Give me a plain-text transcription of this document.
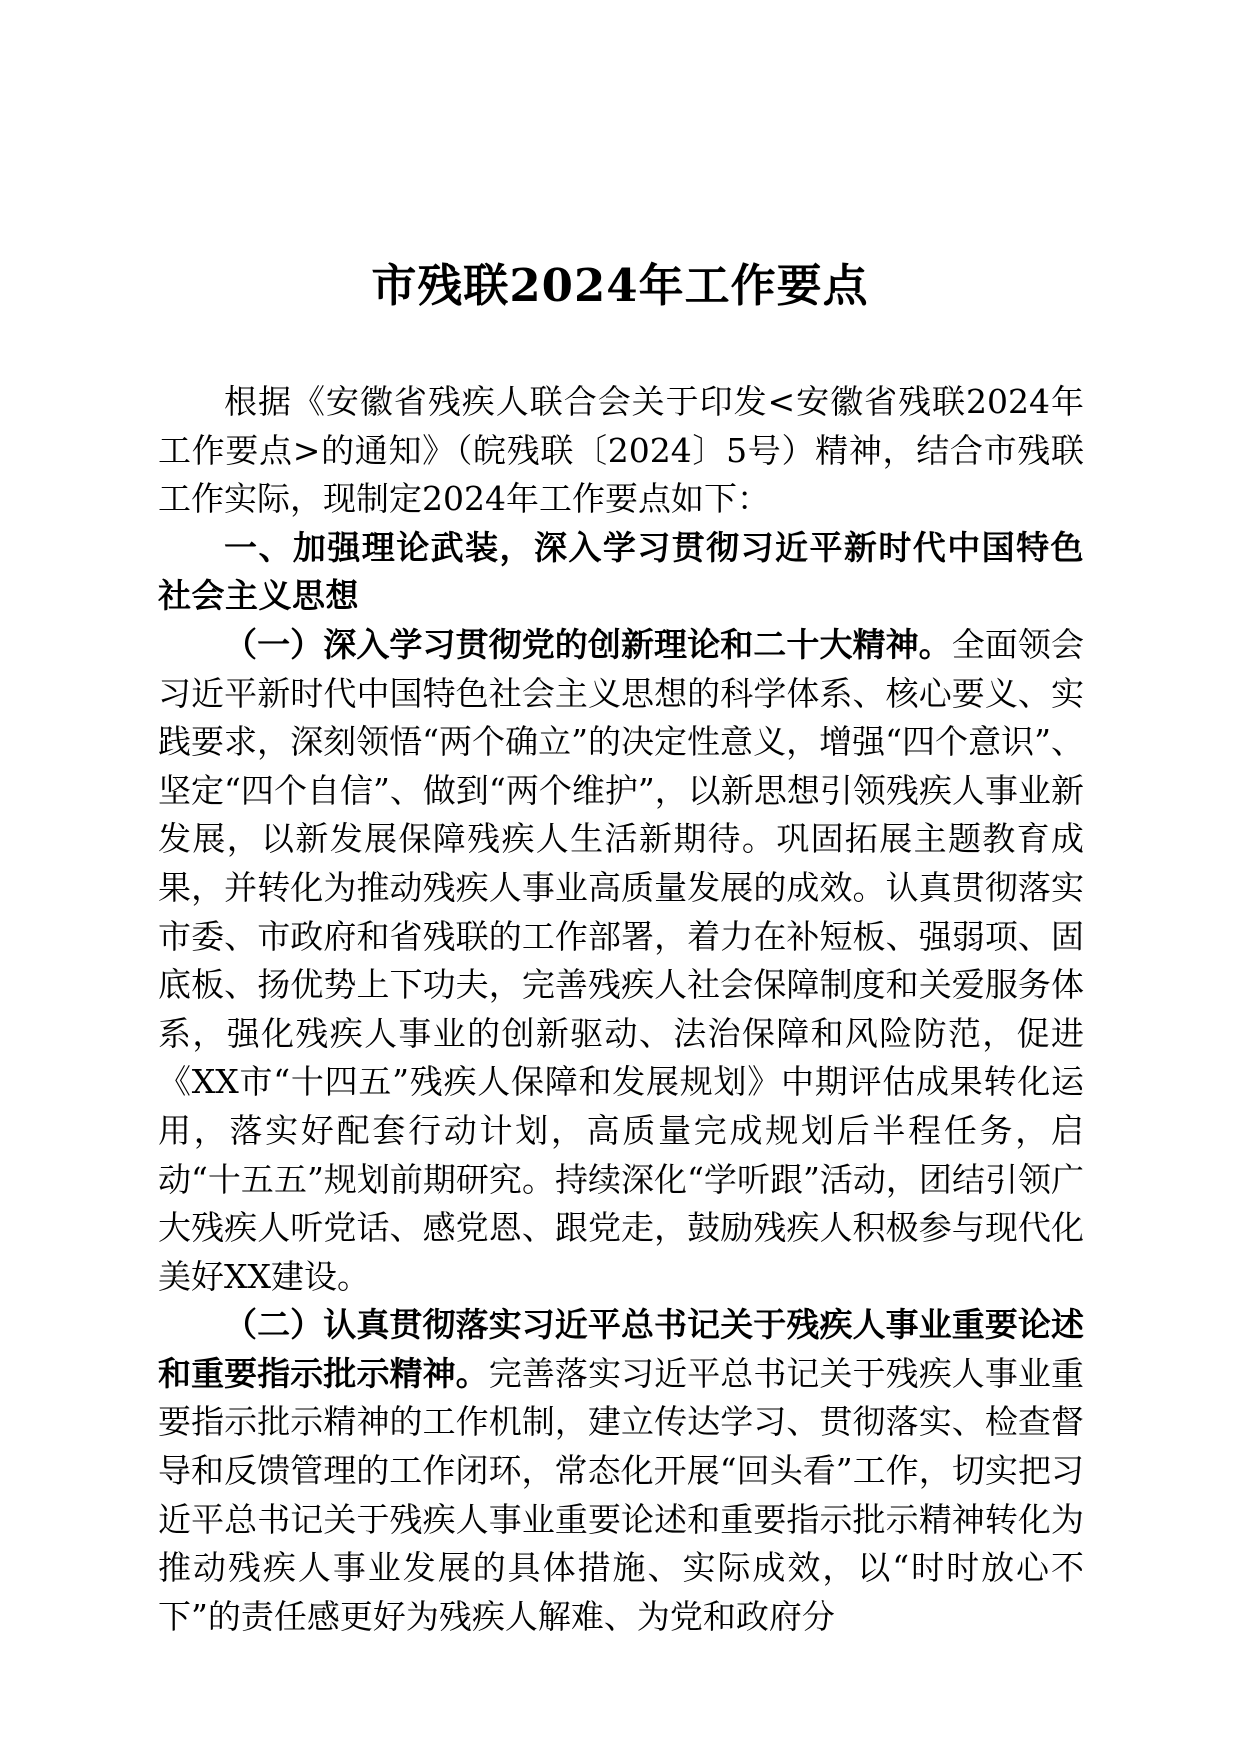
市残联2024年工作要点

根据《安徽省残疾人联合会关于印发<安徽省残联2024年工作要点>的通知》（皖残联〔2024〕5号）精神，结合市残联工作实际，现制定2024年工作要点如下：

一、加强理论武装，深入学习贯彻习近平新时代中国特色社会主义思想

（一）深入学习贯彻党的创新理论和二十大精神。全面领会习近平新时代中国特色社会主义思想的科学体系、核心要义、实践要求，深刻领悟“两个确立”的决定性意义，增强“四个意识”、坚定“四个自信”、做到“两个维护”，以新思想引领残疾人事业新发展，以新发展保障残疾人生活新期待。巩固拓展主题教育成果，并转化为推动残疾人事业高质量发展的成效。认真贯彻落实市委、市政府和省残联的工作部署，着力在补短板、强弱项、固底板、扬优势上下功夫，完善残疾人社会保障制度和关爱服务体系，强化残疾人事业的创新驱动、法治保障和风险防范，促进《XX市“十四五”残疾人保障和发展规划》中期评估成果转化运用，落实好配套行动计划，高质量完成规划后半程任务，启动“十五五”规划前期研究。持续深化“学听跟”活动，团结引领广大残疾人听党话、感党恩、跟党走，鼓励残疾人积极参与现代化美好XX建设。

（二）认真贯彻落实习近平总书记关于残疾人事业重要论述和重要指示批示精神。完善落实习近平总书记关于残疾人事业重要指示批示精神的工作机制，建立传达学习、贯彻落实、检查督导和反馈管理的工作闭环，常态化开展“回头看”工作，切实把习近平总书记关于残疾人事业重要论述和重要指示批示精神转化为推动残疾人事业发展的具体措施、实际成效，以“时时放心不下”的责任感更好为残疾人解难、为党和政府分
